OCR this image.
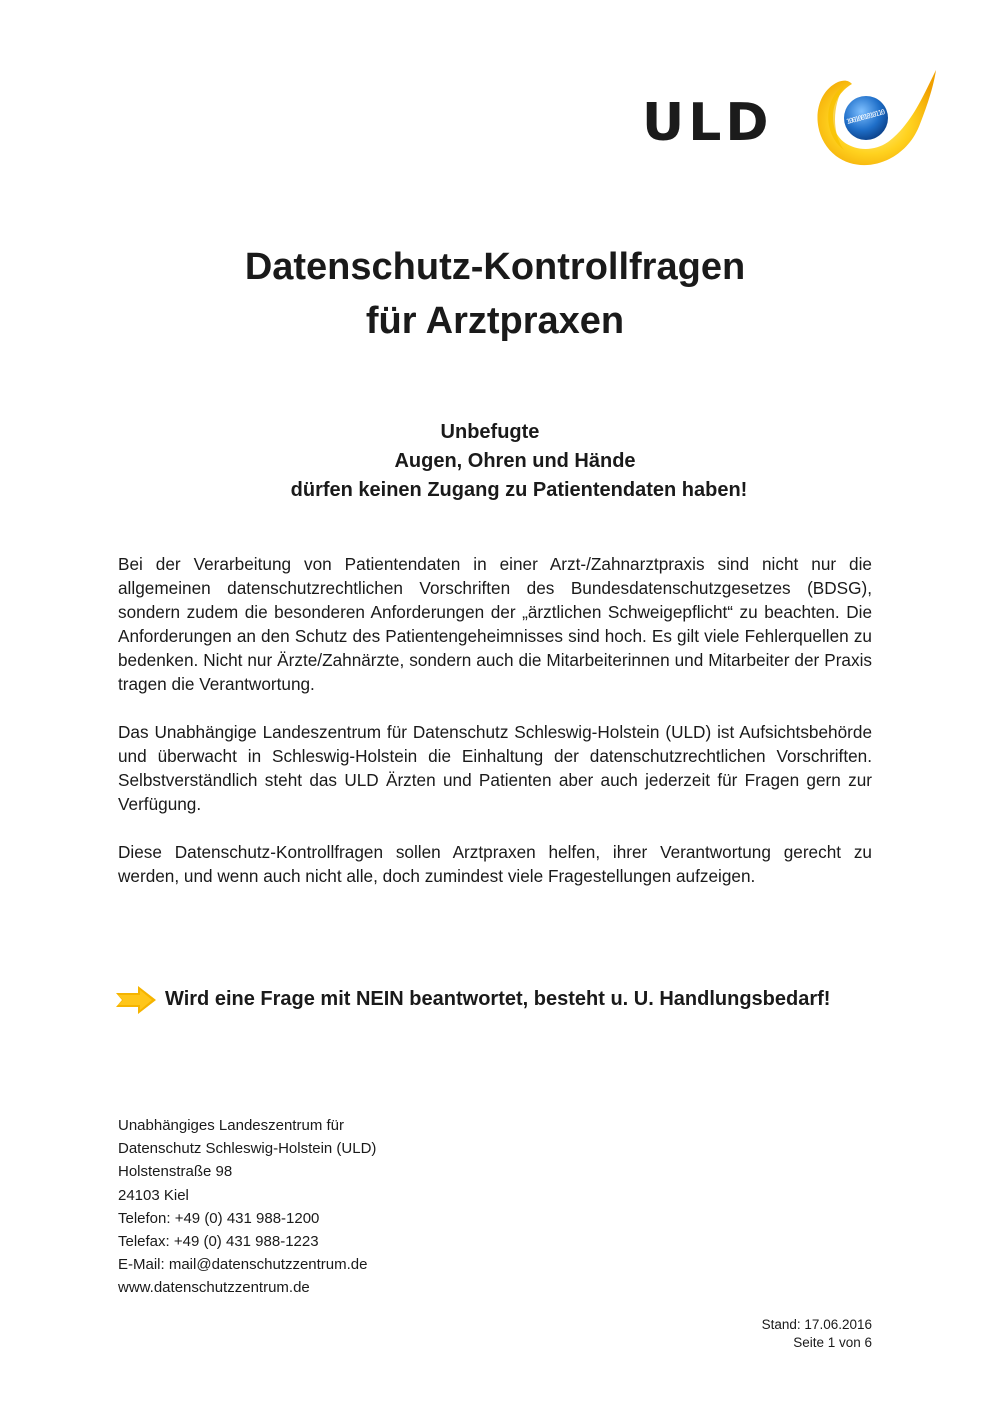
ULD	1001001010110
Datenschutz-Kontrollfragen
für Arztpraxen
Unbefugte
Augen, Ohren und Hände
dürfen keinen Zugang zu Patientendaten haben!

Bei der Verarbeitung von Patientendaten in einer Arzt-/Zahnarztpraxis sind nicht nur die allgemeinen datenschutzrechtlichen Vorschriften des Bundesdatenschutzgesetzes (BDSG), sondern zudem die besonderen Anforderungen der „ärztlichen Schweigepflicht“ zu beachten. Die Anforderungen an den Schutz des Patientengeheimnisses sind hoch. Es gilt viele Fehlerquellen zu bedenken. Nicht nur Ärzte/Zahnärzte, sondern auch die Mitarbeiterinnen und Mitarbeiter der Praxis tragen die Verantwortung.

Das Unabhängige Landeszentrum für Datenschutz Schleswig-Holstein (ULD) ist Aufsichtsbehörde und überwacht in Schleswig-Holstein die Einhaltung der datenschutzrechtlichen Vorschriften. Selbstverständlich steht das ULD Ärzten und Patienten aber auch jederzeit für Fragen gern zur Verfügung.

Diese Datenschutz-Kontrollfragen sollen Arztpraxen helfen, ihrer Verantwortung gerecht zu werden, und wenn auch nicht alle, doch zumindest viele Fragestellungen aufzeigen.

Wird eine Frage mit NEIN beantwortet, besteht u. U. Handlungsbedarf!
Unabhängiges Landeszentrum für
Datenschutz Schleswig-Holstein (ULD)
Holstenstraße 98
24103 Kiel
Telefon: +49 (0) 431 988-1200
Telefax: +49 (0) 431 988-1223
E-Mail: mail@datenschutzzentrum.de
www.datenschutzzentrum.de
Stand: 17.06.2016
Seite 1 von 6
